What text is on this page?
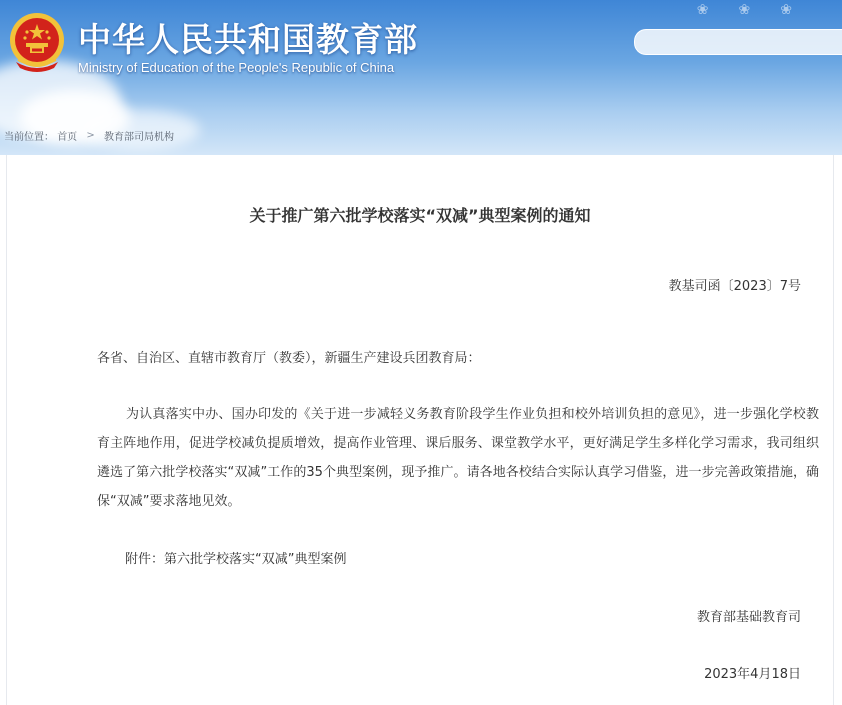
❀❀❀
中华人民共和国教育部
Ministry of Education of the People's Republic of China
当前位置： 首页 > 教育部司局机构
关于推广第六批学校落实“双减”典型案例的通知
教基司函〔2023〕7号
各省、自治区、直辖市教育厅（教委），新疆生产建设兵团教育局：

为认真落实中办、国办印发的《关于进一步减轻义务教育阶段学生作业负担和校外培训负担的意见》，进一步强化学校教育主阵地作用，促进学校减负提质增效，提高作业管理、课后服务、课堂教学水平，更好满足学生多样化学习需求，我司组织遴选了第六批学校落实“双减”工作的35个典型案例，现予推广。请各地各校结合实际认真学习借鉴，进一步完善政策措施，确保“双减”要求落地见效。

附件：第六批学校落实“双减”典型案例
教育部基础教育司
2023年4月18日
